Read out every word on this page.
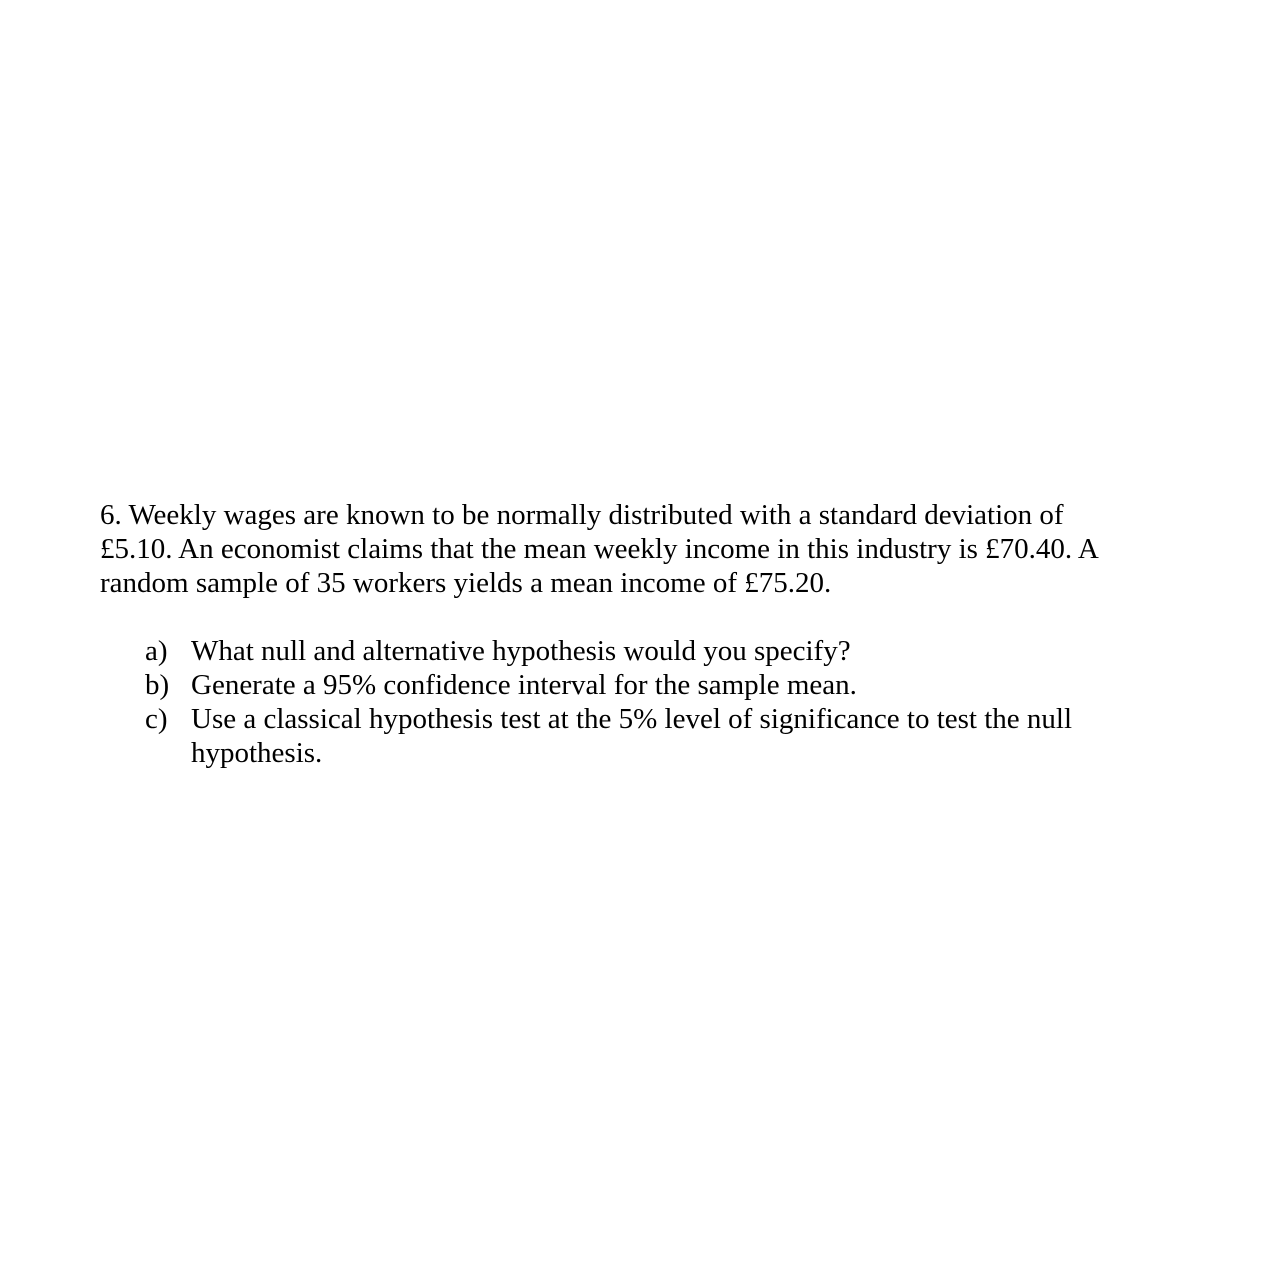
6. Weekly wages are known to be normally distributed with a standard deviation of
£5.10. An economist claims that the mean weekly income in this industry is £70.40. A
random sample of 35 workers yields a mean income of £75.20.
a) What null and alternative hypothesis would you specify?
b) Generate a 95% confidence interval for the sample mean.
c) Use a classical hypothesis test at the 5% level of significance to test the null
hypothesis.
